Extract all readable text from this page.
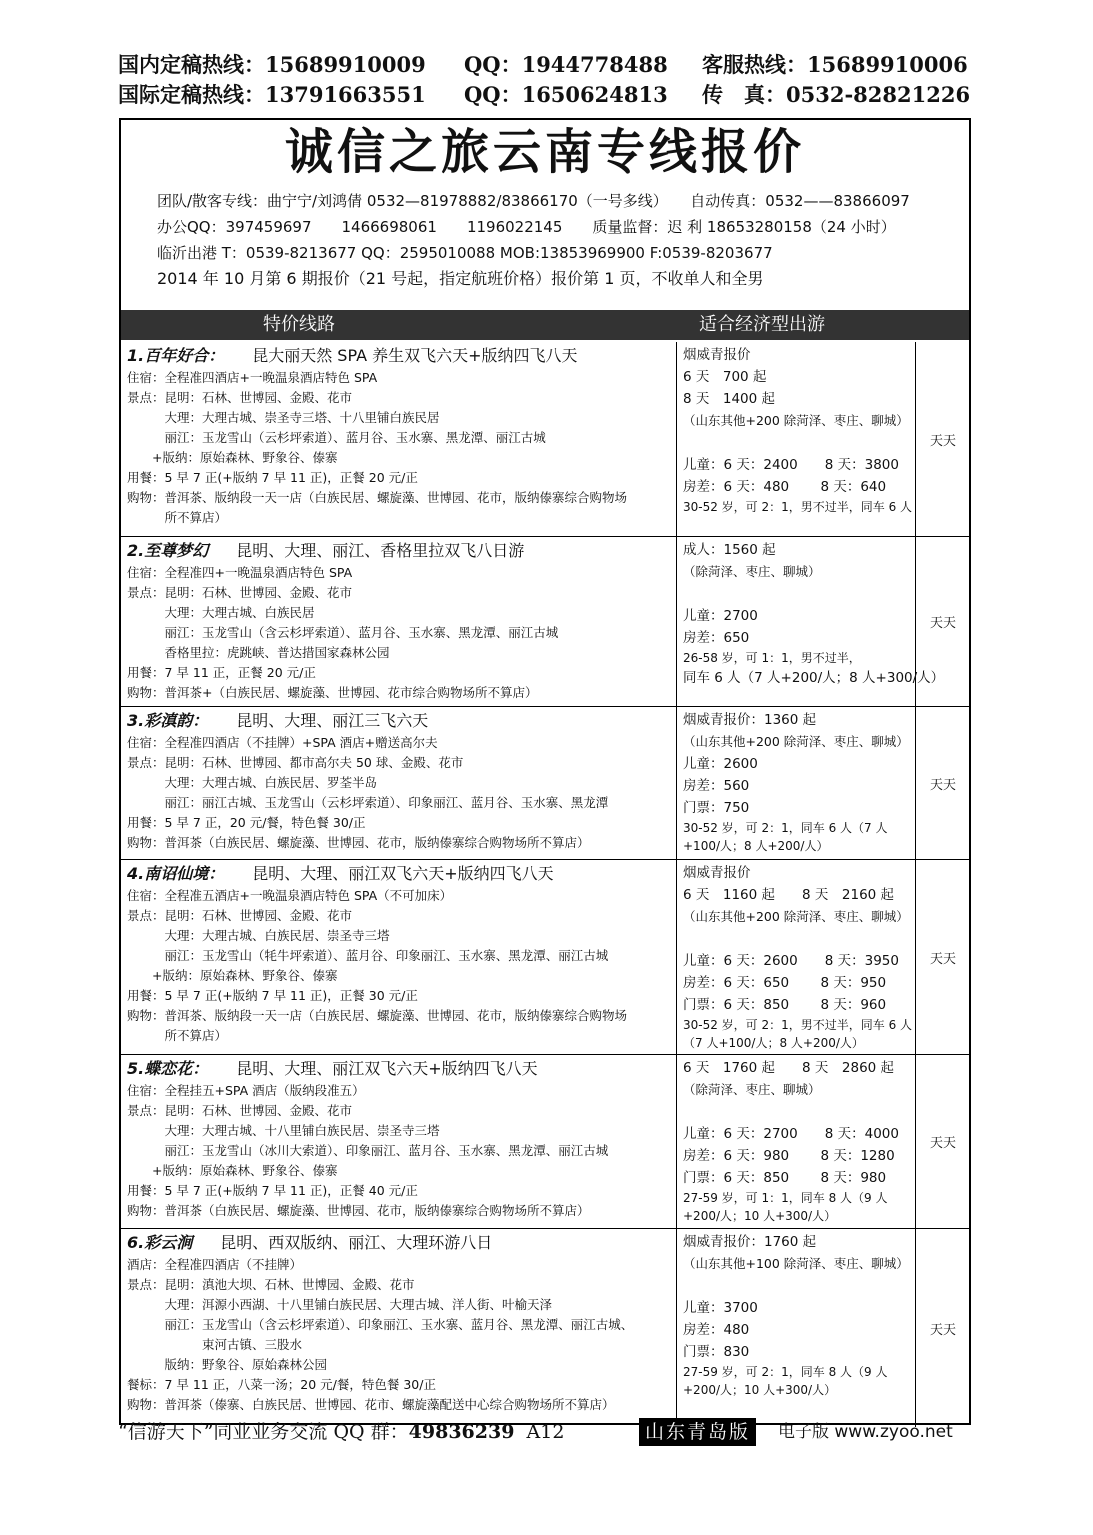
国内定稿热线：15689910009	QQ：1944778488	客服热线：15689910006
国际定稿热线：13791663551	QQ：1650624813	传　真：0532-82821226
诚信之旅云南专线报价
团队/散客专线：曲宁宁/刘鸿倩 0532—81978882/83866170（一号多线）　　自动传真：0532——83866097
办公QQ：397459697　　1466698061　　1196022145　　质量监督：迟 利 18653280158（24 小时）
临沂出港 T：0539-8213677 QQ：2595010088 MOB:13853969900 F:0539-8203677
2014 年 10 月第 6 期报价（21 号起，指定航班价格）报价第 1 页，不收单人和全男
特价线路	适合经济型出游
1.百年好合： 昆大丽天然 SPA 养生双飞六天+版纳四飞八天
住宿：全程准四酒店+一晚温泉酒店特色 SPA
景点：昆明：石林、世博园、金殿、花市
　　　大理：大理古城、崇圣寺三塔、十八里铺白族民居
　　　丽江：玉龙雪山（云杉坪索道）、蓝月谷、玉水寨、黑龙潭、丽江古城
　　+版纳：原始森林、野象谷、傣寨
用餐：5 早 7 正(+版纳 7 早 11 正)，正餐 20 元/正
购物：普洱茶、版纳段一天一店（白族民居、螺旋藻、世博园、花市，版纳傣寨综合购物场
　　　所不算店）
烟威青报价
6 天　700 起
8 天　1400 起
（山东其他+200 除菏泽、枣庄、聊城）
儿童：6 天：2400　　8 天：3800
房差：6 天：480　　 8 天：640
30-52 岁，可 2：1，男不过半，同车 6 人
天天
2.至尊梦幻 昆明、大理、丽江、香格里拉双飞八日游
住宿：全程准四+一晚温泉酒店特色 SPA
景点：昆明：石林、世博园、金殿、花市
　　　大理：大理古城、白族民居
　　　丽江：玉龙雪山（含云杉坪索道）、蓝月谷、玉水寨、黑龙潭、丽江古城
　　　香格里拉：虎跳峡、普达措国家森林公园
用餐：7 早 11 正，正餐 20 元/正
购物：普洱茶+（白族民居、螺旋藻、世博园、花市综合购物场所不算店）
成人：1560 起
（除菏泽、枣庄、聊城）
儿童：2700
房差：650
26-58 岁，可 1：1，男不过半，
同车 6 人（7 人+200/人；8 人+300/人）
天天
3.彩滇韵： 昆明、大理、丽江三飞六天
住宿：全程准四酒店（不挂牌）+SPA 酒店+赠送高尔夫
景点：昆明：石林、世博园、都市高尔夫 50 球、金殿、花市
　　　大理：大理古城、白族民居、罗荃半岛
　　　丽江：丽江古城、玉龙雪山（云杉坪索道）、印象丽江、蓝月谷、玉水寨、黑龙潭
用餐：5 早 7 正，20 元/餐，特色餐 30/正
购物：普洱茶（白族民居、螺旋藻、世博园、花市，版纳傣寨综合购物场所不算店）
烟威青报价：1360 起
（山东其他+200 除菏泽、枣庄、聊城）
儿童：2600
房差：560
门票：750
30-52 岁，可 2：1，同车 6 人（7 人+100/人；8 人+200/人）
天天
4.南诏仙境： 昆明、大理、丽江双飞六天+版纳四飞八天
住宿：全程准五酒店+一晚温泉酒店特色 SPA（不可加床）
景点：昆明：石林、世博园、金殿、花市
　　　大理：大理古城、白族民居、崇圣寺三塔
　　　丽江：玉龙雪山（牦牛坪索道）、蓝月谷、印象丽江、玉水寨、黑龙潭、丽江古城
　　+版纳：原始森林、野象谷、傣寨
用餐：5 早 7 正(+版纳 7 早 11 正)，正餐 30 元/正
购物：普洱茶、版纳段一天一店（白族民居、螺旋藻、世博园、花市，版纳傣寨综合购物场
　　　所不算店）
烟威青报价
6 天　1160 起　　8 天　2160 起
（山东其他+200 除菏泽、枣庄、聊城）
儿童：6 天：2600　　8 天：3950
房差：6 天：650　　 8 天：950
门票：6 天：850　　 8 天：960
30-52 岁，可 2：1，男不过半，同车 6 人（7 人+100/人；8 人+200/人）
天天
5.蝶恋花： 昆明、大理、丽江双飞六天+版纳四飞八天
住宿：全程挂五+SPA 酒店（版纳段准五）
景点：昆明：石林、世博园、金殿、花市
　　　大理：大理古城、十八里铺白族民居、崇圣寺三塔
　　　丽江：玉龙雪山（冰川大索道）、印象丽江、蓝月谷、玉水寨、黑龙潭、丽江古城
　　+版纳：原始森林、野象谷、傣寨
用餐：5 早 7 正(+版纳 7 早 11 正)，正餐 40 元/正
购物：普洱茶（白族民居、螺旋藻、世博园、花市，版纳傣寨综合购物场所不算店）
6 天　1760 起　　8 天　2860 起
（除菏泽、枣庄、聊城）
儿童：6 天：2700　　8 天：4000
房差：6 天：980　　 8 天：1280
门票：6 天：850　　 8 天：980
27-59 岁，可 1：1，同车 8 人（9 人+200/人；10 人+300/人）
天天
6.彩云涧 昆明、西双版纳、丽江、大理环游八日
酒店：全程准四酒店（不挂牌）
景点：昆明：滇池大坝、石林、世博园、金殿、花市
　　　大理：洱源小西湖、十八里铺白族民居、大理古城、洋人街、叶榆天泽
　　　丽江：玉龙雪山（含云杉坪索道）、印象丽江、玉水寨、蓝月谷、黑龙潭、丽江古城、
　　　　　　束河古镇、三股水
　　　版纳：野象谷、原始森林公园
餐标：7 早 11 正，八菜一汤；20 元/餐，特色餐 30/正
购物：普洱茶（傣寨、白族民居、世博园、花市、螺旋藻配送中心综合购物场所不算店）
烟威青报价：1760 起
（山东其他+100 除菏泽、枣庄、聊城）
儿童：3700
房差：480
门票：830
27-59 岁，可 2：1，同车 8 人（9 人+200/人；10 人+300/人）
天天
“信游天下”同业业务交流 QQ 群：49836239 A12	山东青岛版	电子版 www.zyoo.net
